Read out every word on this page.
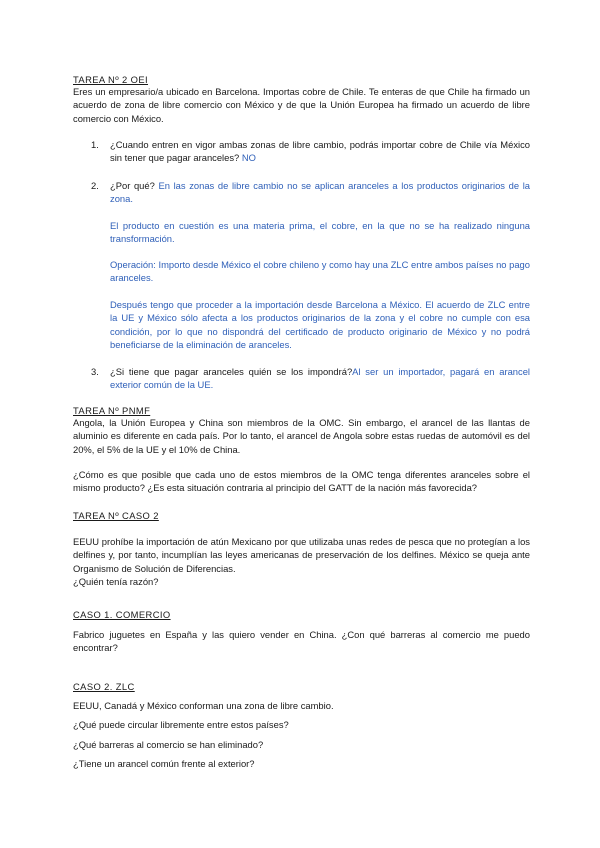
TAREA Nº 2 OEI
Eres un empresario/a ubicado en Barcelona. Importas cobre de Chile. Te enteras de que Chile ha firmado un acuerdo de zona de libre comercio con México y de que la Unión Europea ha firmado un acuerdo de libre comercio con México.
1. ¿Cuando entren en vigor ambas zonas de libre cambio, podrás importar cobre de Chile vía México sin tener que pagar aranceles? NO
2. ¿Por qué? En las zonas de libre cambio no se aplican aranceles a los productos originarios de la zona.
El producto en cuestión es una materia prima, el cobre, en la que no se ha realizado ninguna transformación.
Operación: Importo desde México el cobre chileno y como hay una ZLC entre ambos países no pago aranceles.
Después tengo que proceder a la importación desde Barcelona a México. El acuerdo de ZLC entre la UE y México sólo afecta a los productos originarios de la zona y el cobre no cumple con esa condición, por lo que no dispondrá del certificado de producto originario de México y no podrá beneficiarse de la eliminación de aranceles.
3. ¿Si tiene que pagar aranceles quién se los impondrá?Al ser un importador, pagará en arancel exterior común de la UE.
TAREA Nº PNMF
Angola, la Unión Europea y China son miembros de la OMC. Sin embargo, el arancel de las llantas de aluminio es diferente en cada país. Por lo tanto, el arancel de Angola sobre estas ruedas de automóvil es del 20%, el 5% de la UE y el 10% de China.
¿Cómo es que posible que cada uno de estos miembros de la OMC tenga diferentes aranceles sobre el mismo producto? ¿Es esta situación contraria al principio del GATT de la nación más favorecida?
TAREA Nº CASO 2
EEUU prohíbe la importación de atún Mexicano por que utilizaba unas redes de pesca que no protegían a los delfines y, por tanto, incumplían las leyes americanas de preservación de los delfines. México se queja ante Organismo de Solución de Diferencias.
¿Quién tenía razón?
CASO 1. COMERCIO
Fabrico juguetes en España y las quiero vender en China. ¿Con qué barreras al comercio me puedo encontrar?
CASO 2. ZLC
EEUU, Canadá y México conforman una zona de libre cambio.
¿Qué puede circular libremente entre estos países?
¿Qué barreras al comercio se han eliminado?
¿Tiene un arancel común frente al exterior?
